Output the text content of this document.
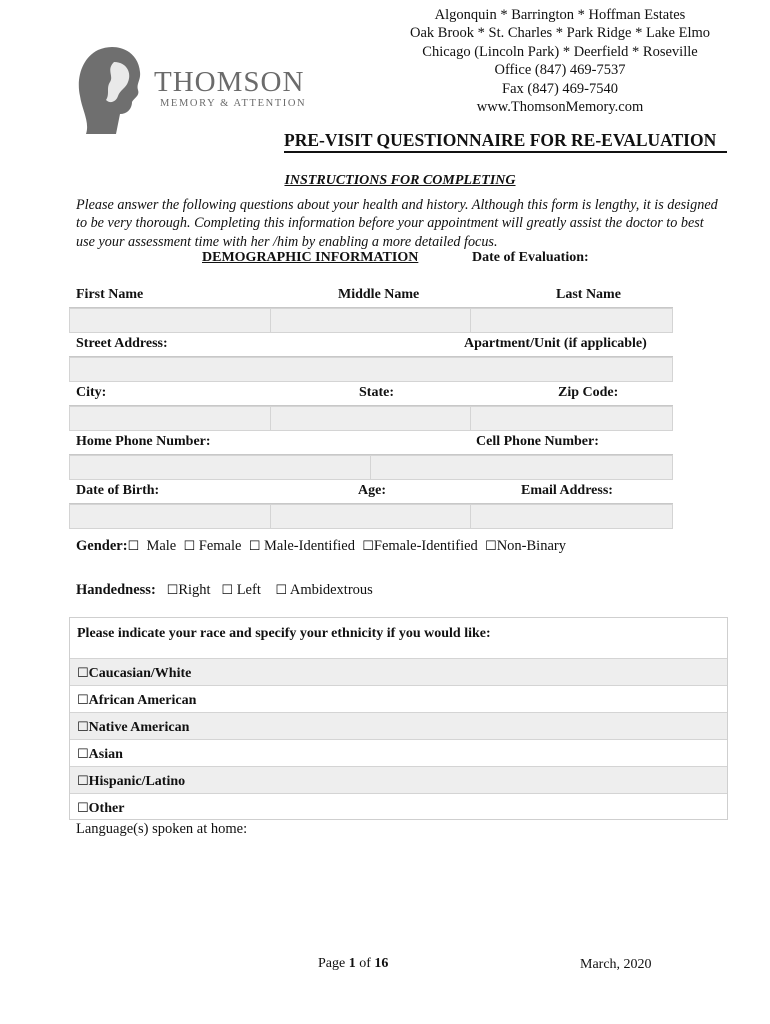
THOMSON
MEMORY & ATTENTION
Algonquin * Barrington * Hoffman Estates
Oak Brook * St. Charles * Park Ridge * Lake Elmo
Chicago (Lincoln Park) * Deerfield * Roseville
Office (847) 469-7537
Fax (847) 469-7540
www.ThomsonMemory.com
PRE-VISIT QUESTIONNAIRE FOR RE-EVALUATION
INSTRUCTIONS FOR COMPLETING
Please answer the following questions about your health and history. Although this form is lengthy, it is designed to be very thorough. Completing this information before your appointment will greatly assist the doctor to best use your assessment time with her /him by enabling a more detailed focus.
DEMOGRAPHIC INFORMATION	Date of Evaluation:
First Name	Middle Name	Last Name
Street Address:	Apartment/Unit (if applicable)
City:	State:	Zip Code:
Home Phone Number:	Cell Phone Number:
Date of Birth:	Age:	Email Address:
Gender:☐ Male ☐ Female ☐ Male-Identified ☐Female-Identified ☐Non-Binary
Handedness: ☐Right ☐ Left ☐ Ambidextrous
Please indicate your race and specify your ethnicity if you would like:
☐Caucasian/White
☐African American
☐Native American
☐Asian
☐Hispanic/Latino
☐Other
Language(s) spoken at home:
Page 1 of 16	March, 2020
